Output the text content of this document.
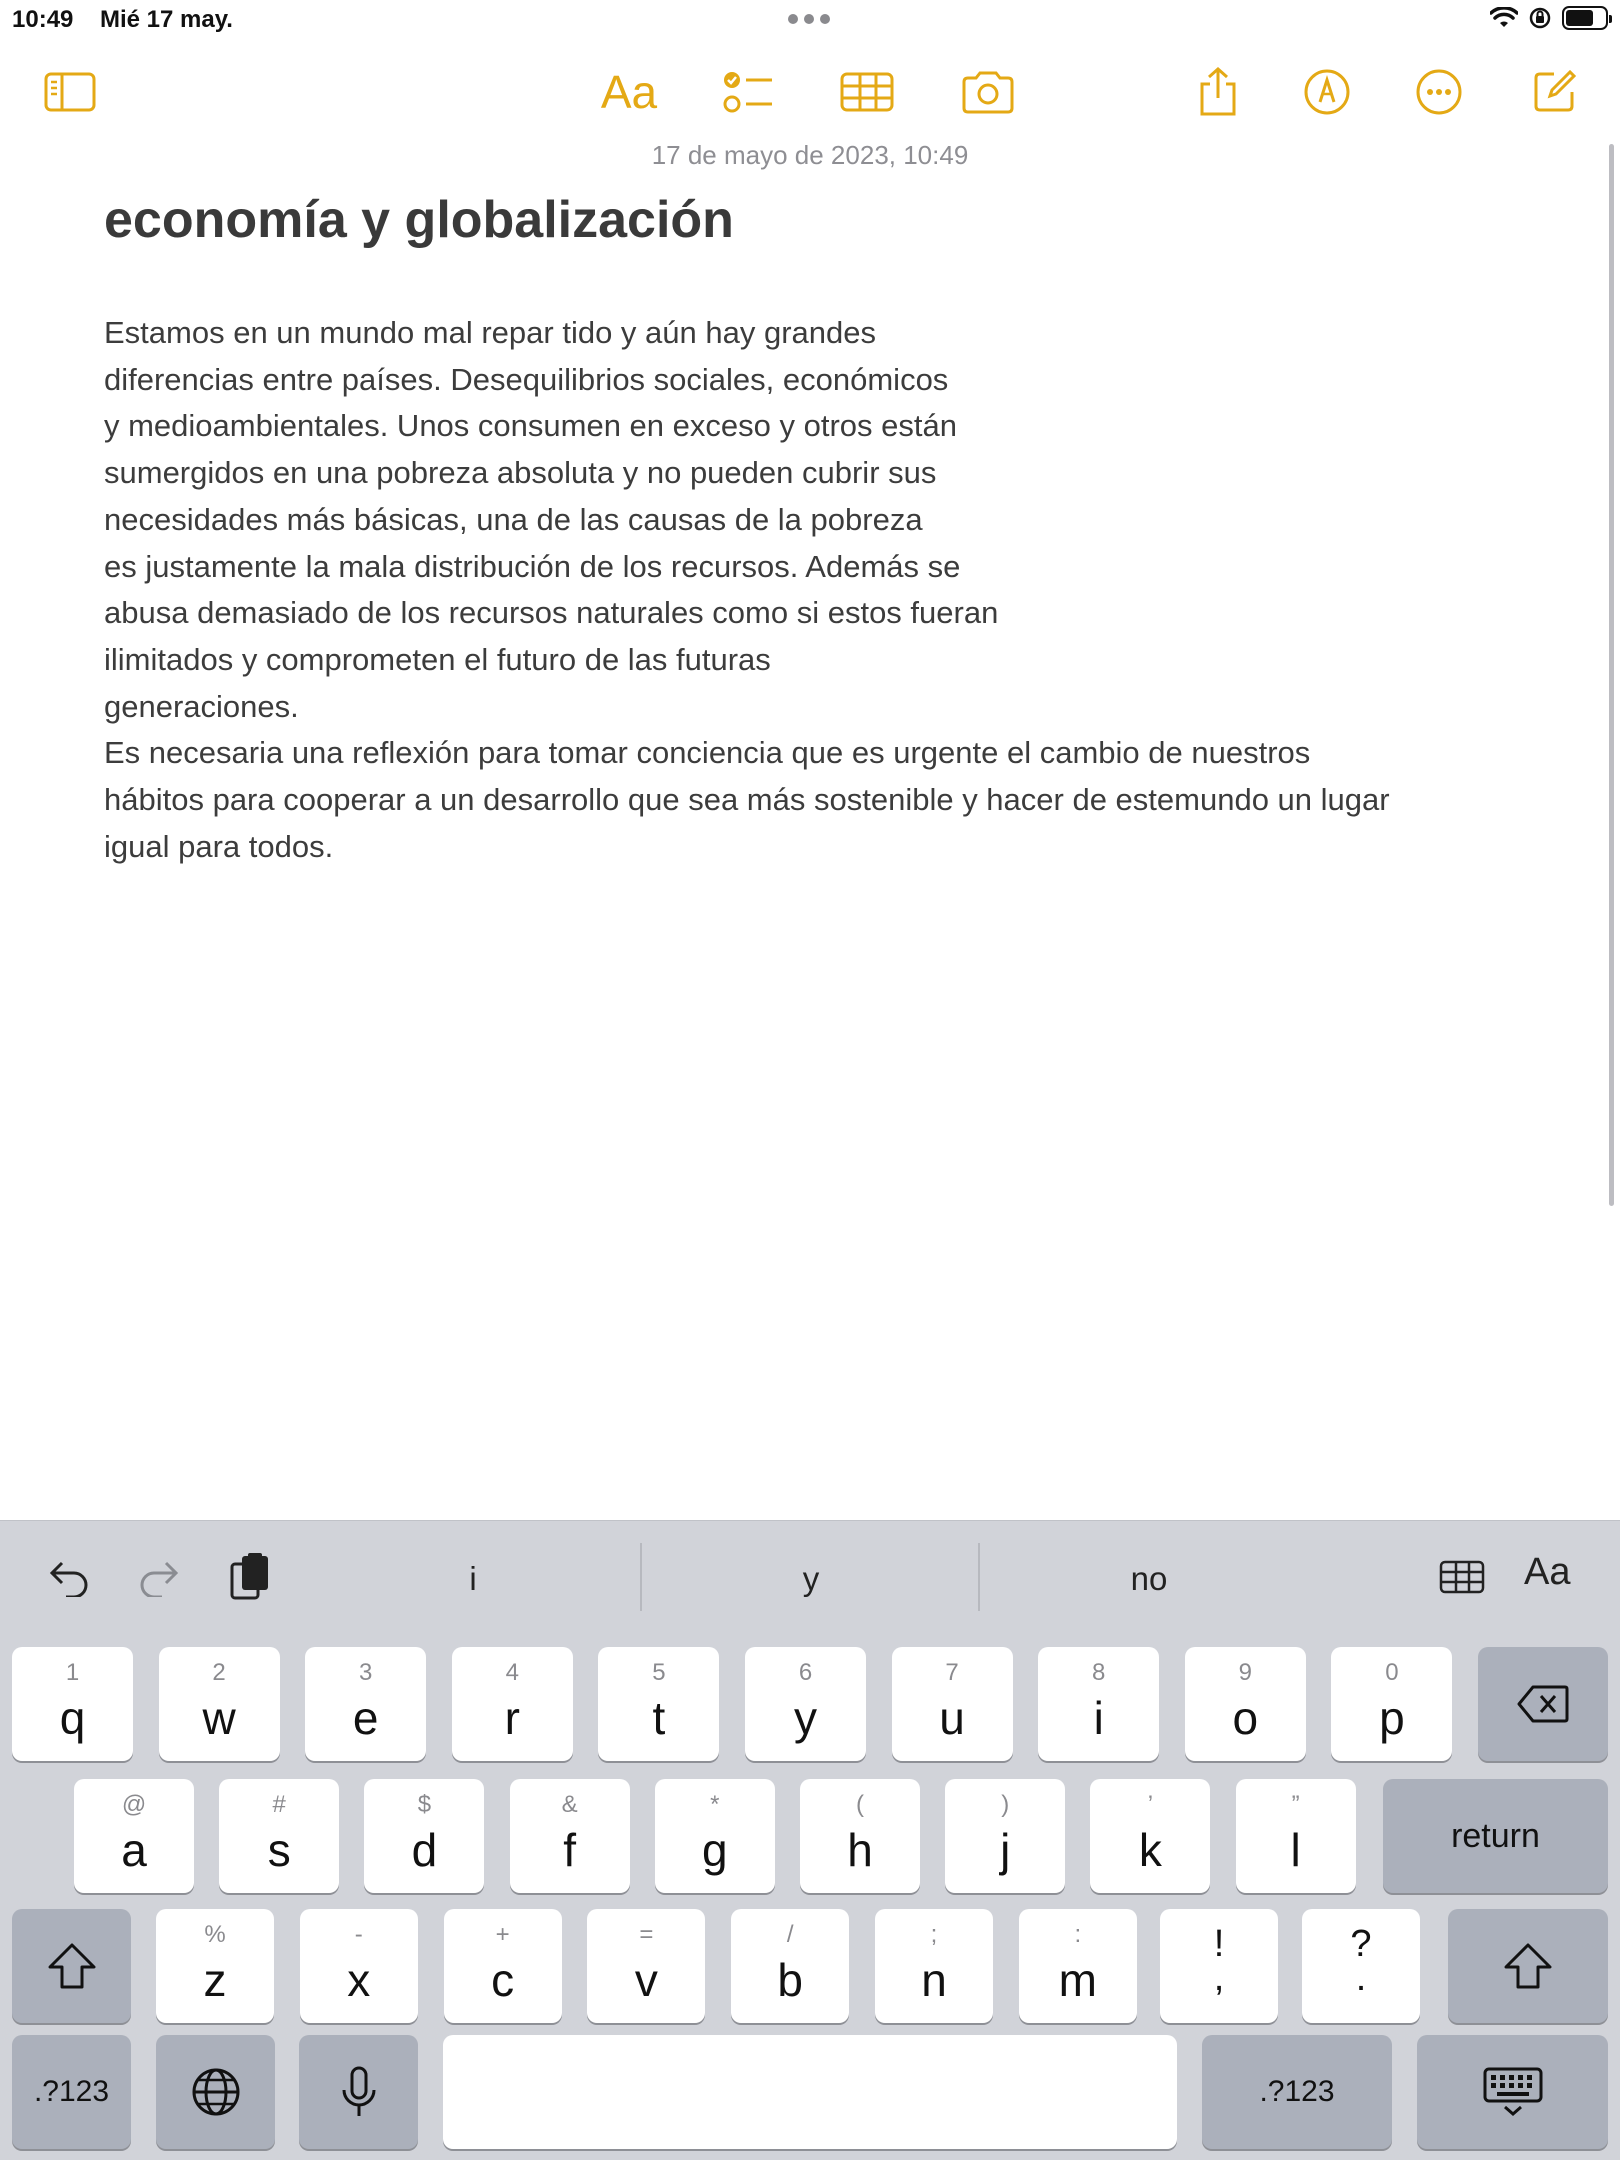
10:49 Mié 17 may.
Aa
17 de mayo de 2023, 10:49
economía y globalización
Estamos en un mundo mal repar tido y aún hay grandes
diferencias entre países. Desequilibrios sociales, económicos
y medioambientales. Unos consumen en exceso y otros están
sumergidos en una pobreza absoluta y no pueden cubrir sus
necesidades más básicas, una de las causas de la pobreza
es justamente la mala distribución de los recursos. Además se
abusa demasiado de los recursos naturales como si estos fueran
ilimitados y comprometen el futuro de las futuras
generaciones.
Es necesaria una reflexión para tomar conciencia que es urgente el cambio de nuestros
hábitos para cooperar a un desarrollo que sea más sostenible y hacer de estemundo un lugar
igual para todos.
i	y	no	Aa
1
q
2
w
3
e
4
r
5
t
6
y
7
u
8
i
9
o
0
p
@
a
#
s
$
d
&
f
*
g
(
h
)
j
’
k
”
l	return
%
z
-
x
+
c
=
v
/
b
;
n
:
m
!
,
?
.
.?123	.?123
